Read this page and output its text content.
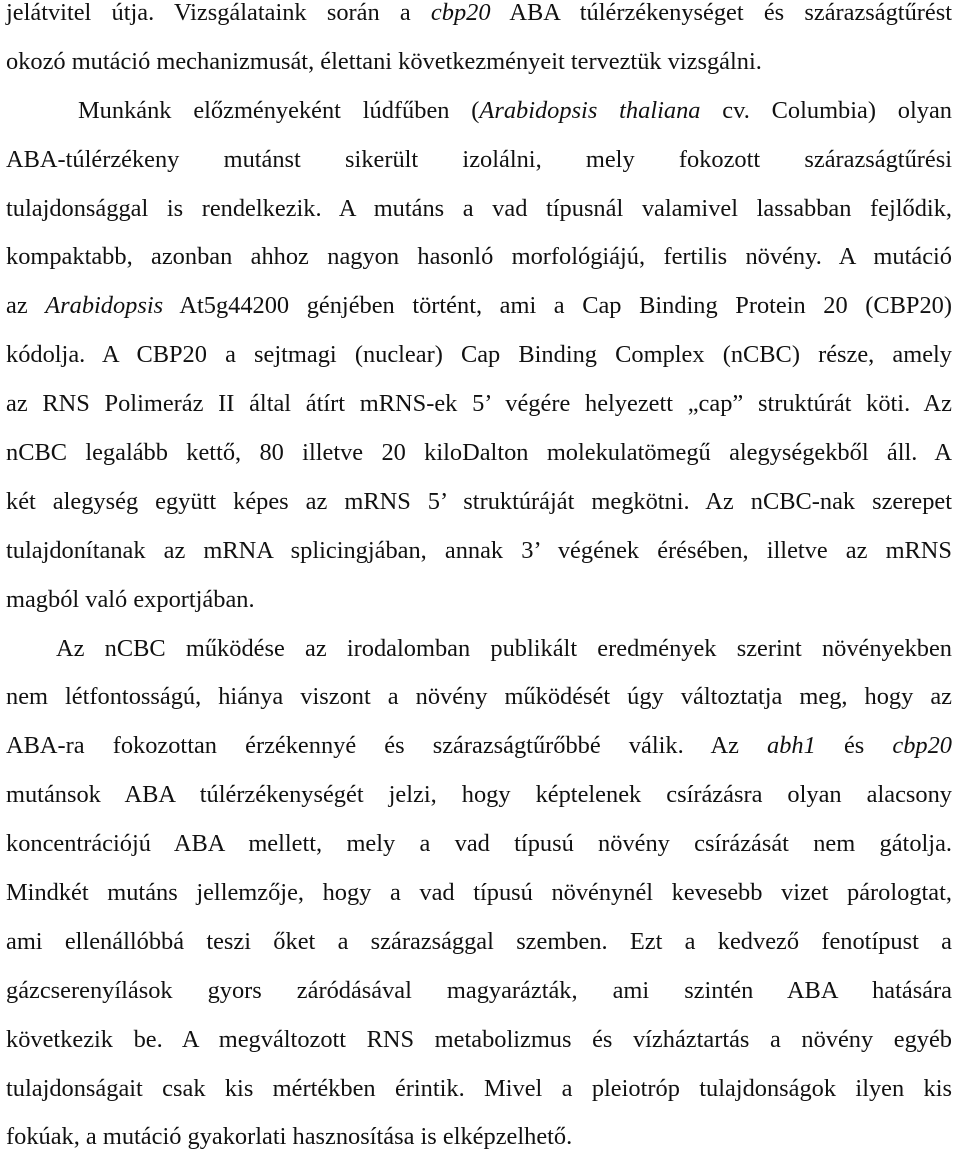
jelátvitel útja. Vizsgálataink során a cbp20 ABA túlérzékenységet és szárazságtűrést
okozó mutáció mechanizmusát, élettani következményeit terveztük vizsgálni.
Munkánk előzményeként lúdfűben (Arabidopsis thaliana cv. Columbia) olyan
ABA-túlérzékeny mutánst sikerült izolálni, mely fokozott szárazságtűrési
tulajdonsággal is rendelkezik. A mutáns a vad típusnál valamivel lassabban fejlődik,
kompaktabb, azonban ahhoz nagyon hasonló morfológiájú, fertilis növény. A mutáció
az Arabidopsis At5g44200 génjében történt, ami a Cap Binding Protein 20 (CBP20)
kódolja. A CBP20 a sejtmagi (nuclear) Cap Binding Complex (nCBC) része, amely
az RNS Polimeráz II által átírt mRNS-ek 5’ végére helyezett „cap” struktúrát köti. Az
nCBC legalább kettő, 80 illetve 20 kiloDalton molekulatömegű alegységekből áll. A
két alegység együtt képes az mRNS 5’ struktúráját megkötni. Az nCBC-nak szerepet
tulajdonítanak az mRNA splicingjában, annak 3’ végének érésében, illetve az mRNS
magból való exportjában.
Az nCBC működése az irodalomban publikált eredmények szerint növényekben
nem létfontosságú, hiánya viszont a növény működését úgy változtatja meg, hogy az
ABA-ra fokozottan érzékennyé és szárazságtűrőbbé válik. Az abh1 és cbp20
mutánsok ABA túlérzékenységét jelzi, hogy képtelenek csírázásra olyan alacsony
koncentrációjú ABA mellett, mely a vad típusú növény csírázását nem gátolja.
Mindkét mutáns jellemzője, hogy a vad típusú növénynél kevesebb vizet párologtat,
ami ellenállóbbá teszi őket a szárazsággal szemben. Ezt a kedvező fenotípust a
gázcserenyílások gyors záródásával magyarázták, ami szintén ABA hatására
következik be. A megváltozott RNS metabolizmus és vízháztartás a növény egyéb
tulajdonságait csak kis mértékben érintik. Mivel a pleiotróp tulajdonságok ilyen kis
fokúak, a mutáció gyakorlati hasznosítása is elképzelhető.
